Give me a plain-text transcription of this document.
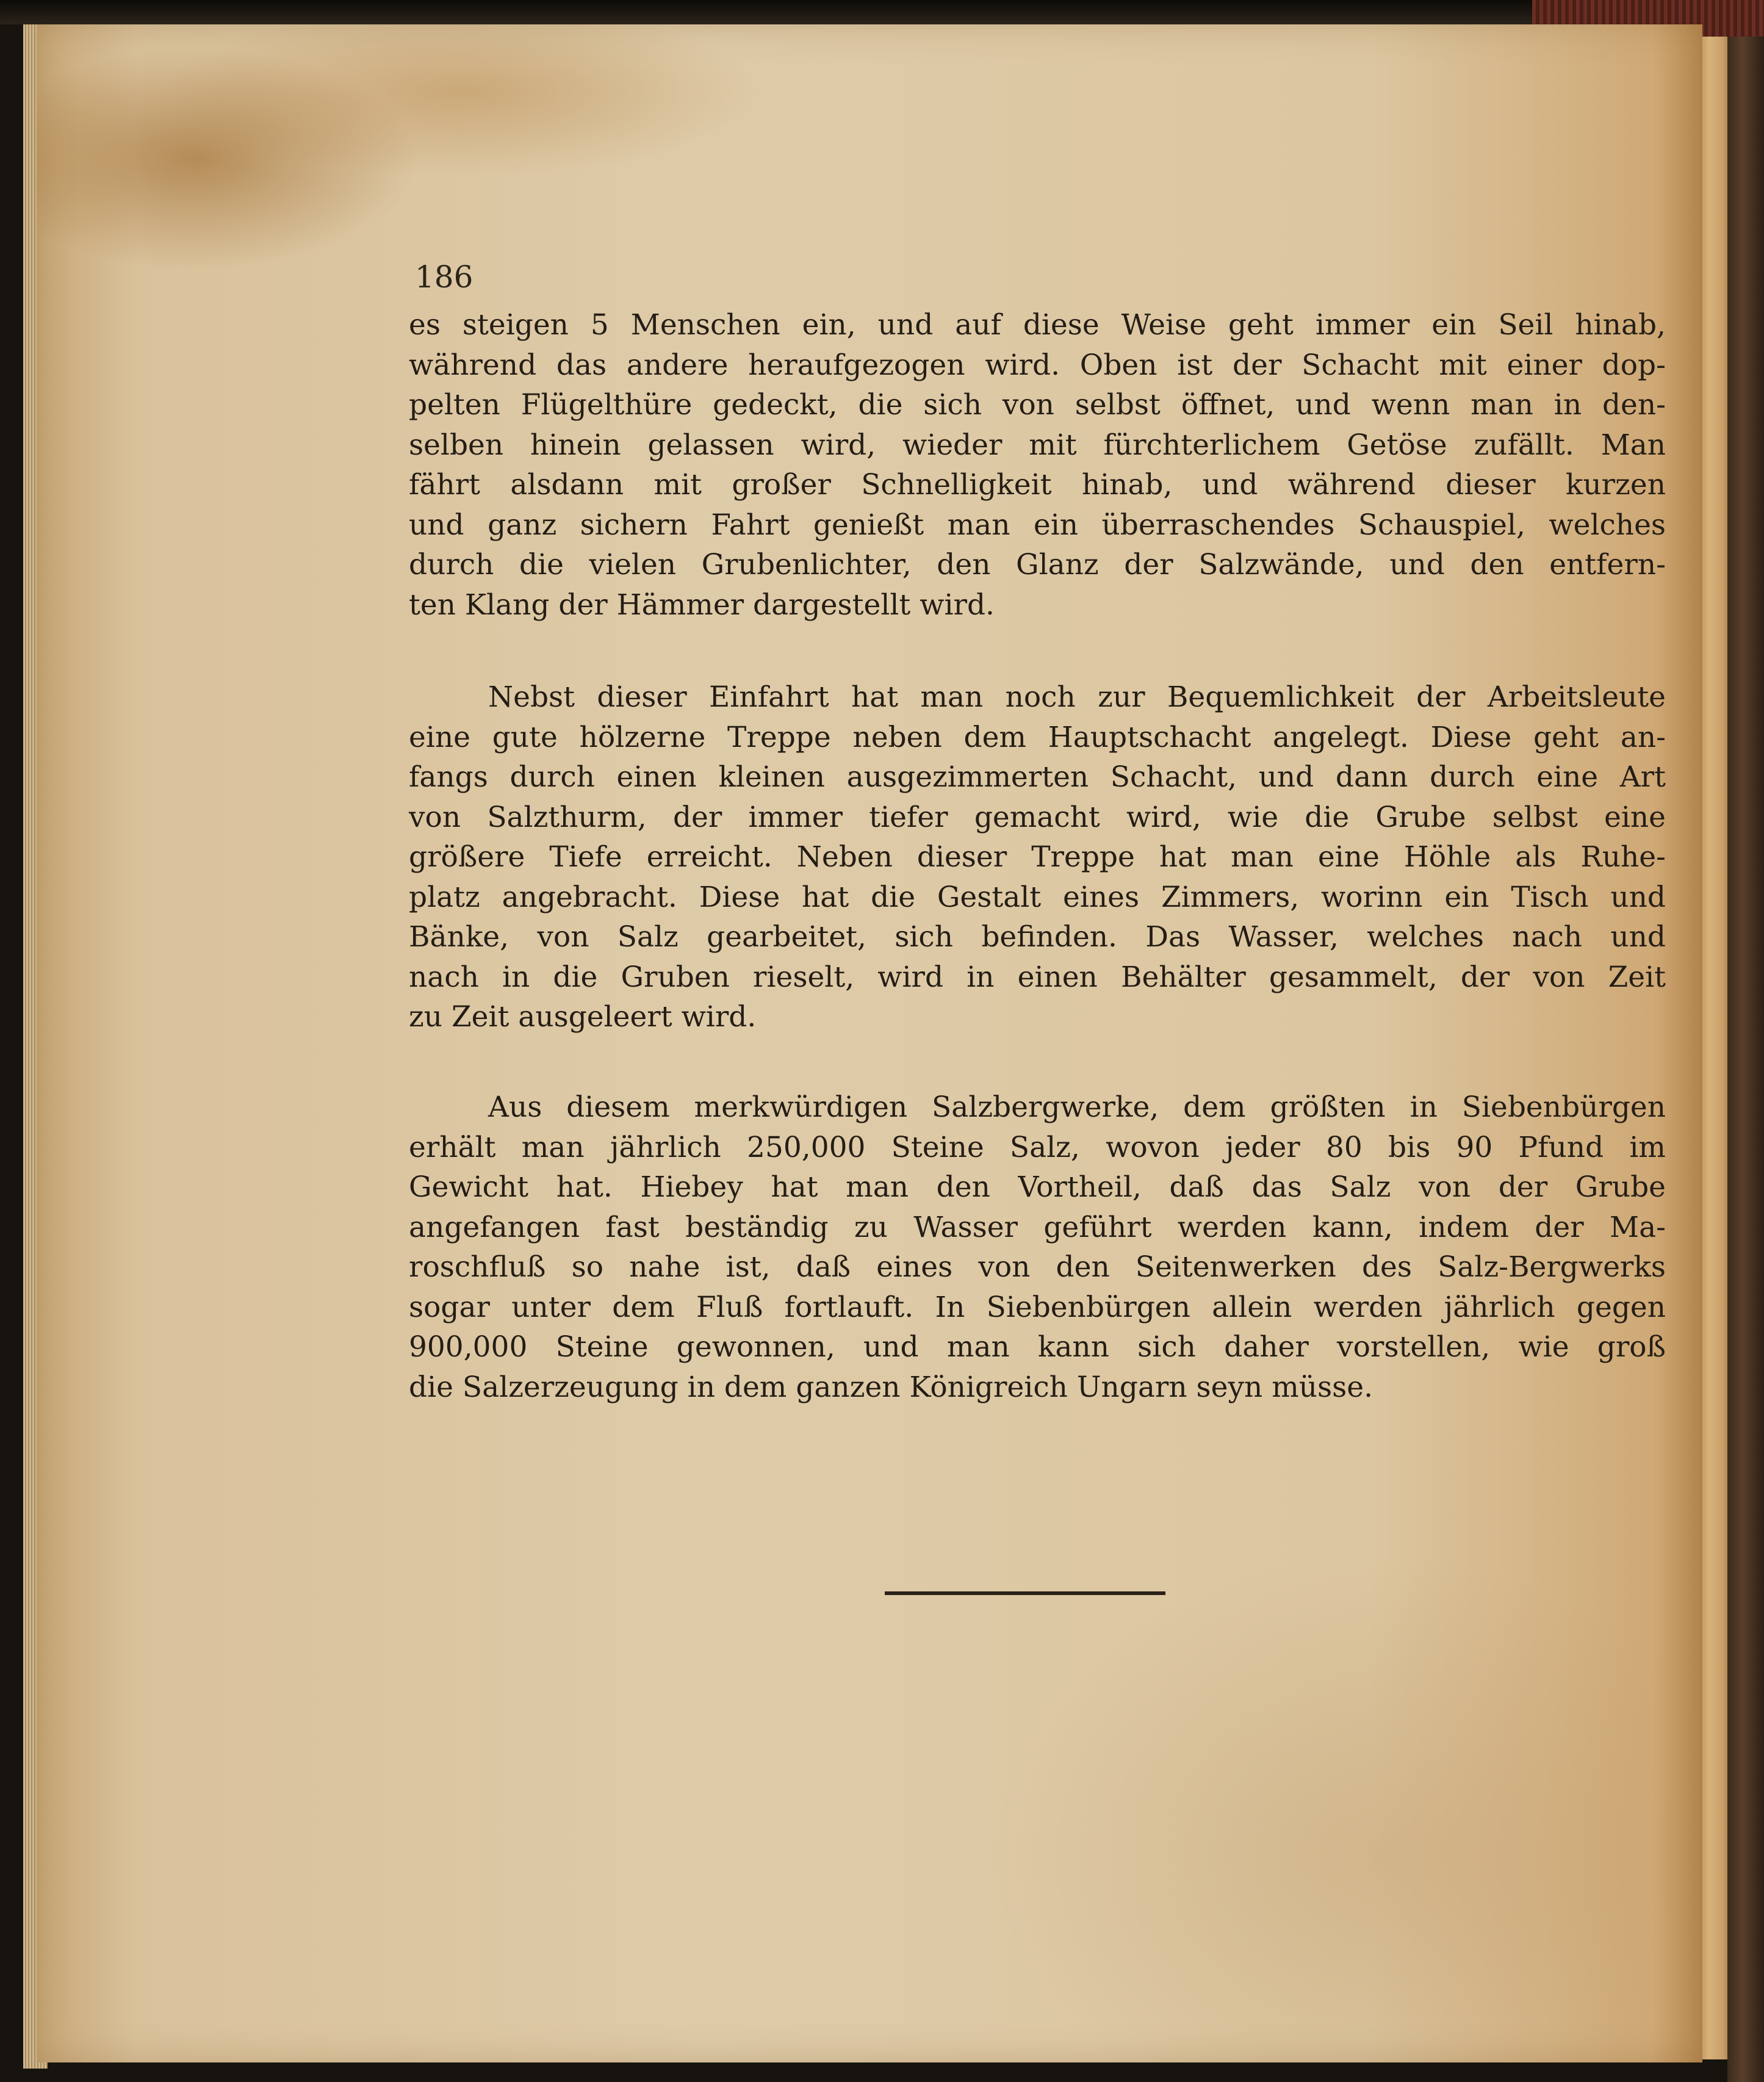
186
es steigen 5 Menschen ein, und auf diese Weise geht immer ein Seil hinab,
während das andere heraufgezogen wird. Oben ist der Schacht mit einer dop-
pelten Flügelthüre gedeckt, die sich von selbst öffnet, und wenn man in den-
selben hinein gelassen wird, wieder mit fürchterlichem Getöse zufällt. Man
fährt alsdann mit großer Schnelligkeit hinab, und während dieser kurzen
und ganz sichern Fahrt genießt man ein überraschendes Schauspiel, welches
durch die vielen Grubenlichter, den Glanz der Salzwände, und den entfern-
ten Klang der Hämmer dargestellt wird.
Nebst dieser Einfahrt hat man noch zur Bequemlichkeit der Arbeitsleute
eine gute hölzerne Treppe neben dem Hauptschacht angelegt. Diese geht an-
fangs durch einen kleinen ausgezimmerten Schacht, und dann durch eine Art
von Salzthurm, der immer tiefer gemacht wird, wie die Grube selbst eine
größere Tiefe erreicht. Neben dieser Treppe hat man eine Höhle als Ruhe-
platz angebracht. Diese hat die Gestalt eines Zimmers, worinn ein Tisch und
Bänke, von Salz gearbeitet, sich befinden. Das Wasser, welches nach und
nach in die Gruben rieselt, wird in einen Behälter gesammelt, der von Zeit
zu Zeit ausgeleert wird.
Aus diesem merkwürdigen Salzbergwerke, dem größten in Siebenbürgen
erhält man jährlich 250,000 Steine Salz, wovon jeder 80 bis 90 Pfund im
Gewicht hat. Hiebey hat man den Vortheil, daß das Salz von der Grube
angefangen fast beständig zu Wasser geführt werden kann, indem der Ma-
roschfluß so nahe ist, daß eines von den Seitenwerken des Salz-Bergwerks
sogar unter dem Fluß fortlauft. In Siebenbürgen allein werden jährlich gegen
900,000 Steine gewonnen, und man kann sich daher vorstellen, wie groß
die Salzerzeugung in dem ganzen Königreich Ungarn seyn müsse.
